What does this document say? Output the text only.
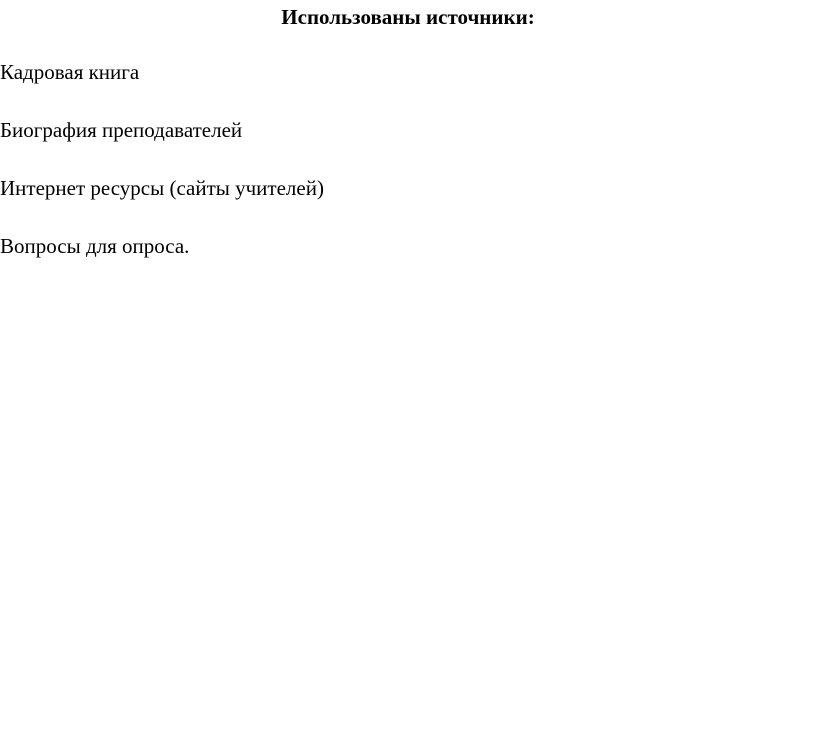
Использованы источники:
Кадровая книга
Биография преподавателей
Интернет ресурсы (сайты учителей)
Вопросы для опроса.
